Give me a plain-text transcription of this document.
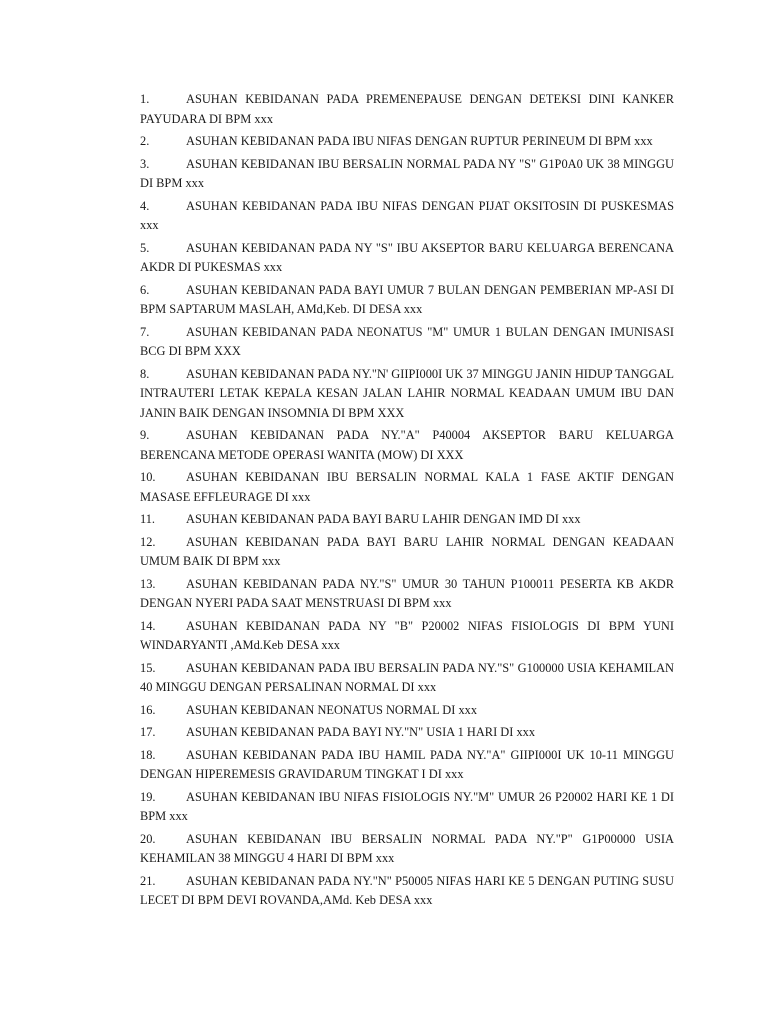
1.	ASUHAN KEBIDANAN PADA PREMENEPAUSE DENGAN DETEKSI DINI KANKER PAYUDARA DI BPM xxx
2.	ASUHAN KEBIDANAN PADA IBU NIFAS DENGAN RUPTUR PERINEUM DI BPM xxx
3.	ASUHAN KEBIDANAN IBU BERSALIN NORMAL PADA NY "S" G1P0A0 UK 38 MINGGU DI BPM xxx
4.	ASUHAN KEBIDANAN PADA IBU NIFAS DENGAN PIJAT OKSITOSIN DI PUSKESMAS xxx
5.	ASUHAN KEBIDANAN PADA NY "S" IBU AKSEPTOR BARU KELUARGA BERENCANA AKDR DI PUKESMAS xxx
6.	ASUHAN KEBIDANAN PADA BAYI UMUR 7 BULAN DENGAN PEMBERIAN MP-ASI DI BPM SAPTARUM MASLAH, AMd,Keb. DI DESA xxx
7.	ASUHAN KEBIDANAN PADA NEONATUS "M" UMUR 1 BULAN DENGAN IMUNISASI BCG DI BPM XXX
8.	ASUHAN KEBIDANAN PADA NY."N' GIIPI000I UK 37 MINGGU JANIN HIDUP TANGGAL INTRAUTERI LETAK KEPALA KESAN JALAN LAHIR NORMAL KEADAAN UMUM IBU DAN JANIN BAIK DENGAN INSOMNIA DI BPM XXX
9.	ASUHAN KEBIDANAN PADA NY."A" P40004 AKSEPTOR BARU KELUARGA BERENCANA METODE OPERASI WANITA (MOW) DI XXX
10. ASUHAN KEBIDANAN IBU BERSALIN NORMAL KALA 1 FASE AKTIF DENGAN MASASE EFFLEURAGE DI xxx
11. ASUHAN KEBIDANAN PADA BAYI BARU LAHIR DENGAN IMD DI xxx
12. ASUHAN KEBIDANAN PADA BAYI BARU LAHIR NORMAL DENGAN KEADAAN UMUM BAIK DI BPM xxx
13. ASUHAN KEBIDANAN PADA NY."S" UMUR 30 TAHUN P100011 PESERTA KB AKDR DENGAN NYERI PADA SAAT MENSTRUASI DI BPM xxx
14. ASUHAN KEBIDANAN PADA NY "B" P20002 NIFAS FISIOLOGIS DI BPM YUNI WINDARYANTI ,AMd.Keb DESA xxx
15. ASUHAN KEBIDANAN PADA IBU BERSALIN PADA NY."S" G100000 USIA KEHAMILAN 40 MINGGU DENGAN PERSALINAN NORMAL DI xxx
16. ASUHAN KEBIDANAN NEONATUS NORMAL DI xxx
17. ASUHAN KEBIDANAN PADA BAYI NY."N" USIA 1 HARI DI xxx
18. ASUHAN KEBIDANAN PADA IBU HAMIL PADA NY."A" GIIPI000I UK 10-11 MINGGU DENGAN HIPEREMESIS GRAVIDARUM TINGKAT I DI xxx
19. ASUHAN KEBIDANAN IBU NIFAS FISIOLOGIS NY."M" UMUR 26 P20002 HARI KE 1 DI BPM xxx
20. ASUHAN KEBIDANAN IBU BERSALIN NORMAL PADA NY."P" G1P00000 USIA KEHAMILAN 38 MINGGU 4 HARI DI BPM xxx
21. ASUHAN KEBIDANAN PADA NY."N" P50005 NIFAS HARI KE 5 DENGAN PUTING SUSU LECET DI BPM DEVI ROVANDA,AMd. Keb DESA xxx
